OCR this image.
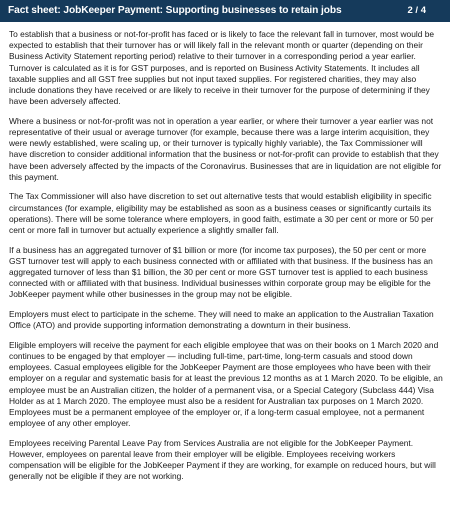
Fact sheet: JobKeeper Payment: Supporting businesses to retain jobs	2 / 4

To establish that a business or not-for-profit has faced or is likely to face the relevant fall in turnover, most would be expected to establish that their turnover has or will likely fall in the relevant month or quarter (depending on their Business Activity Statement reporting period) relative to their turnover in a corresponding period a year earlier. Turnover is calculated as it is for GST purposes, and is reported on Business Activity Statements. It includes all taxable supplies and all GST free supplies but not input taxed supplies. For registered charities, they may also include donations they have received or are likely to receive in their turnover for the purpose of determining if they have been adversely affected.

Where a business or not-for-profit was not in operation a year earlier, or where their turnover a year earlier was not representative of their usual or average turnover (for example, because there was a large interim acquisition, they were newly established, were scaling up, or their turnover is typically highly variable), the Tax Commissioner will have discretion to consider additional information that the business or not-for-profit can provide to establish that they have been adversely affected by the impacts of the Coronavirus. Businesses that are in liquidation are not eligible for this payment.

The Tax Commissioner will also have discretion to set out alternative tests that would establish eligibility in specific circumstances (for example, eligibility may be established as soon as a business ceases or significantly curtails its operations). There will be some tolerance where employers, in good faith, estimate a 30 per cent or more or 50 per cent or more fall in turnover but actually experience a slightly smaller fall.

If a business has an aggregated turnover of $1 billion or more (for income tax purposes), the 50 per cent or more GST turnover test will apply to each business connected with or affiliated with that business. If the business has an aggregated turnover of less than $1 billion, the 30 per cent or more GST turnover test is applied to each business connected with or affiliated with that business. Individual businesses within corporate group may be eligible for the JobKeeper payment while other businesses in the group may not be eligible.

Employers must elect to participate in the scheme. They will need to make an application to the Australian Taxation Office (ATO) and provide supporting information demonstrating a downturn in their business.

Eligible employers will receive the payment for each eligible employee that was on their books on 1 March 2020 and continues to be engaged by that employer — including full-time, part-time, long-term casuals and stood down employees. Casual employees eligible for the JobKeeper Payment are those employees who have been with their employer on a regular and systematic basis for at least the previous 12 months as at 1 March 2020. To be eligible, an employee must be an Australian citizen, the holder of a permanent visa, or a Special Category (Subclass 444) Visa Holder as at 1 March 2020. The employee must also be a resident for Australian tax purposes on 1 March 2020. Employees must be a permanent employee of the employer or, if a long-term casual employee, not a permanent employee of any other employer.

Employees receiving Parental Leave Pay from Services Australia are not eligible for the JobKeeper Payment. However, employees on parental leave from their employer will be eligible. Employees receiving workers compensation will be eligible for the JobKeeper Payment if they are working, for example on reduced hours, but will generally not be eligible if they are not working.
